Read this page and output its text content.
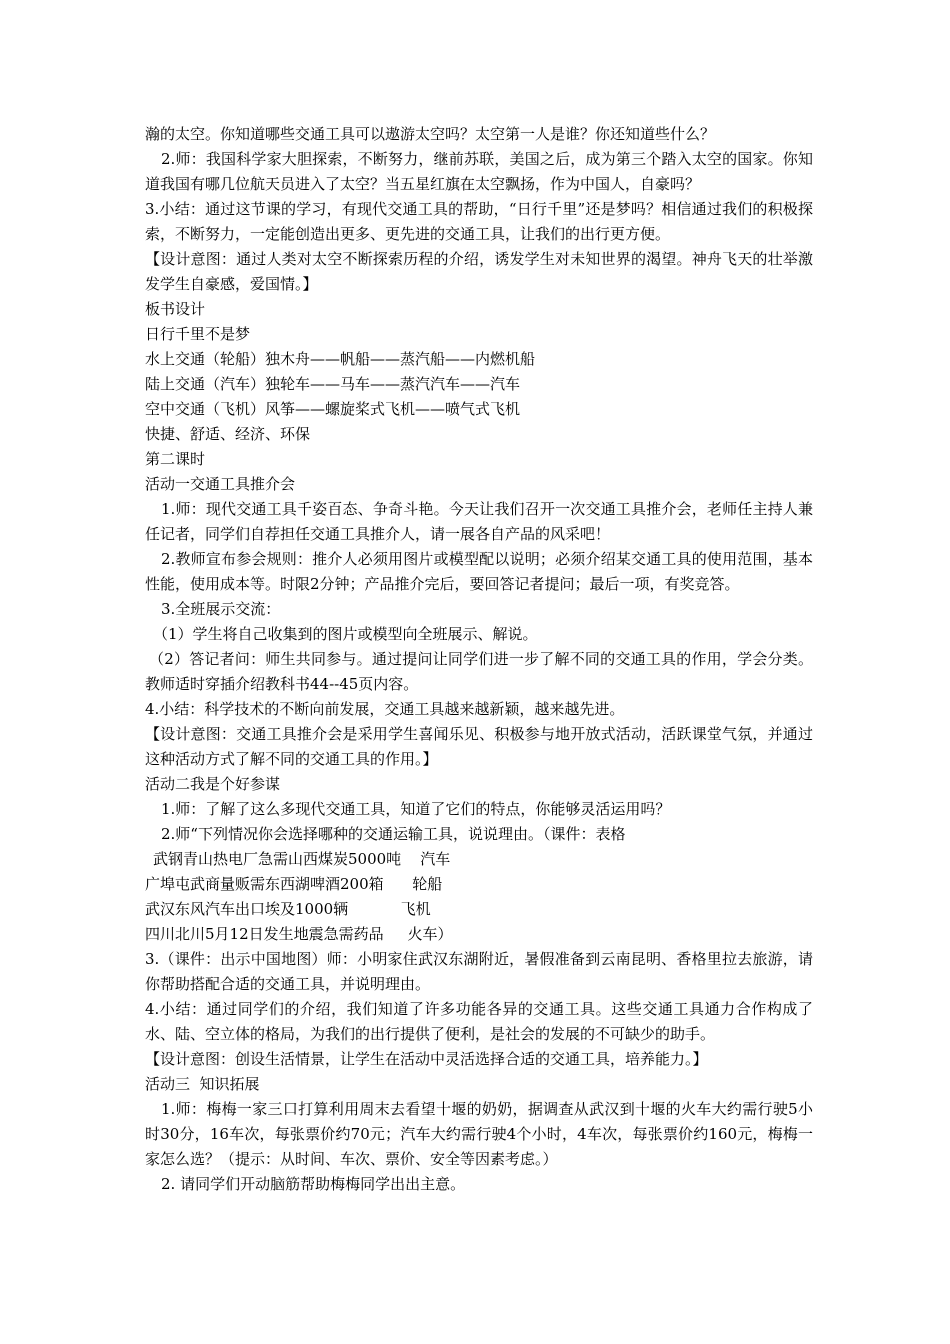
瀚的太空。你知道哪些交通工具可以遨游太空吗？太空第一人是谁？你还知道些什么？

2.师：我国科学家大胆探索，不断努力，继前苏联，美国之后，成为第三个踏入太空的国家。你知道我国有哪几位航天员进入了太空？当五星红旗在太空飘扬，作为中国人，自豪吗？

3.小结：通过这节课的学习，有现代交通工具的帮助，“日行千里”还是梦吗？相信通过我们的积极探索，不断努力，一定能创造出更多、更先进的交通工具，让我们的出行更方便。

【设计意图：通过人类对太空不断探索历程的介绍，诱发学生对未知世界的渴望。神舟飞天的壮举激发学生自豪感，爱国情。】

板书设计

日行千里不是梦

水上交通（轮船）独木舟——帆船——蒸汽船——内燃机船

陆上交通（汽车）独轮车——马车——蒸汽汽车——汽车

空中交通（飞机）风筝——螺旋桨式飞机——喷气式飞机

快捷、舒适、经济、环保

第二课时

活动一交通工具推介会

1.师：现代交通工具千姿百态、争奇斗艳。今天让我们召开一次交通工具推介会，老师任主持人兼任记者，同学们自荐担任交通工具推介人，请一展各自产品的风采吧！

2.教师宣布参会规则：推介人必须用图片或模型配以说明；必须介绍某交通工具的使用范围，基本性能，使用成本等。时限2分钟；产品推介完后，要回答记者提问；最后一项，有奖竞答。

3.全班展示交流：

（1）学生将自己收集到的图片或模型向全班展示、解说。

（2）答记者问：师生共同参与。通过提问让同学们进一步了解不同的交通工具的作用，学会分类。教师适时穿插介绍教科书44--45页内容。

4.小结：科学技术的不断向前发展，交通工具越来越新颖，越来越先进。

【设计意图：交通工具推介会是采用学生喜闻乐见、积极参与地开放式活动，活跃课堂气氛，并通过这种活动方式了解不同的交通工具的作用。】

活动二我是个好参谋

1.师：了解了这么多现代交通工具，知道了它们的特点，你能够灵活运用吗？

2.师“下列情况你会选择哪种的交通运输工具，说说理由。（课件：表格

武钢青山热电厂急需山西煤炭5000吨    汽车

广埠屯武商量贩需东西湖啤酒200箱      轮船

武汉东风汽车出口埃及1000辆           飞机

四川北川5月12日发生地震急需药品     火车）

3.（课件：出示中国地图）师：小明家住武汉东湖附近，暑假准备到云南昆明、香格里拉去旅游，请你帮助搭配合适的交通工具，并说明理由。

4.小结：通过同学们的介绍，我们知道了许多功能各异的交通工具。这些交通工具通力合作构成了水、陆、空立体的格局，为我们的出行提供了便利，是社会的发展的不可缺少的助手。

【设计意图：创设生活情景，让学生在活动中灵活选择合适的交通工具，培养能力。】

活动三  知识拓展

1.师：梅梅一家三口打算利用周末去看望十堰的奶奶，据调查从武汉到十堰的火车大约需行驶5小时30分，16车次，每张票价约70元；汽车大约需行驶4个小时，4车次，每张票价约160元，梅梅一家怎么选？（提示：从时间、车次、票价、安全等因素考虑。）

2. 请同学们开动脑筋帮助梅梅同学出出主意。
